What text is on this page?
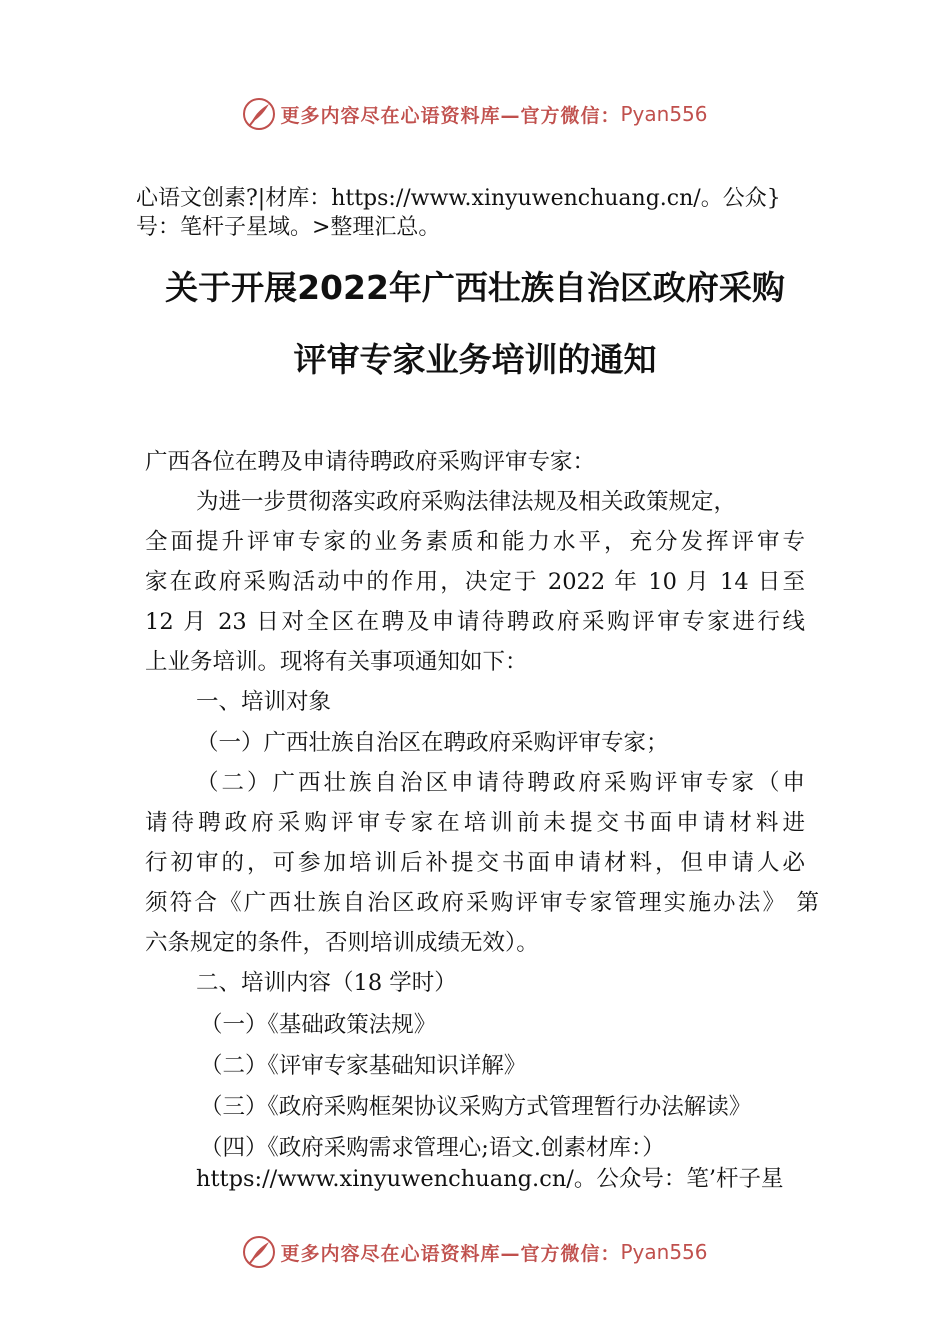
更多内容尽在心语资料库—官方微信： Pyan556
心语文创素?|材库：https://www.xinyuwenchuang.cn/。公众}
号：笔杆子星域。>整理汇总。
关于开展2022年广西壮族自治区政府采购
评审专家业务培训的通知
广西各位在聘及申请待聘政府采购评审专家：
为进一步贯彻落实政府采购法律法规及相关政策规定，
全面提升评审专家的业务素质和能力水平，充分发挥评审专
家在政府采购活动中的作用，决定于 2022 年 10 月 14 日至
12 月 23 日对全区在聘及申请待聘政府采购评审专家进行线
上业务培训。现将有关事项通知如下：
一、培训对象
（一）广西壮族自治区在聘政府采购评审专家；
（二）广西壮族自治区申请待聘政府采购评审专家（申
请待聘政府采购评审专家在培训前未提交书面申请材料进
行初审的，可参加培训后补提交书面申请材料，但申请人必
须符合《广西壮族自治区政府采购评审专家管理实施办法》 第
六条规定的条件，否则培训成绩无效）。
二、培训内容（18 学时）
（一）《基础政策法规》
（二）《评审专家基础知识详解》
（三）《政府采购框架协议采购方式管理暂行办法解读》
（四）《政府采购需求管理心;语文.创素材库：）
https://www.xinyuwenchuang.cn/。公众号：笔’杆子星
更多内容尽在心语资料库—官方微信： Pyan556
